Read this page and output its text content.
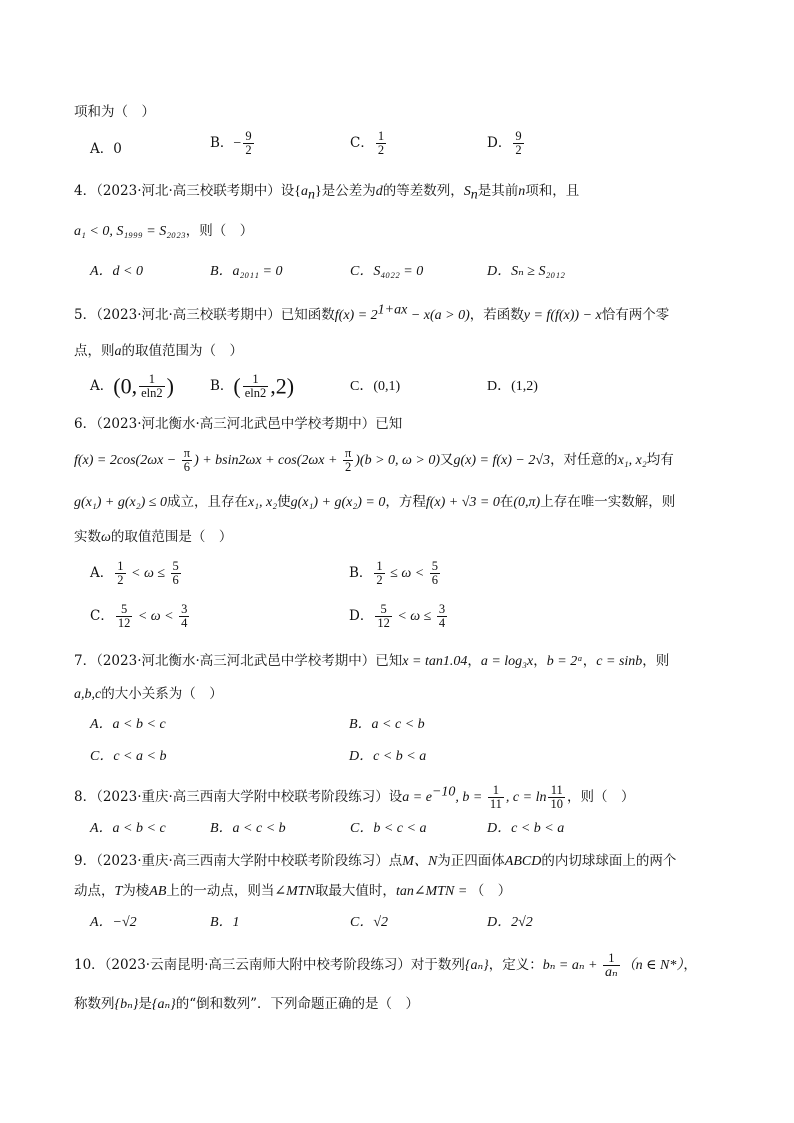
项和为（　）
A．0	B．− $\frac{9}{2}$	C． $\frac{1}{2}$	D． $\frac{9}{2}$
4．（2023·河北·高三校联考期中）设$\{a_n\}$是公差为d的等差数列，$S_n$是其前n项和，且
a₁ < 0, S₁₉₉₉ = S₂₀₂₃，则（　）
A．d < 0	B．a₂₀₁₁ = 0	C．S₄₀₂₂ = 0	D．Sₙ ≥ S₂₀₁₂
5．（2023·河北·高三校联考期中）已知函数$f(x) = 2^{1+ax} - x(a > 0)$，若函数y = f(f(x)) − x恰有两个零
点，则a的取值范围为（　）
A．(0, $\frac{1}{eln2}$ )	B．( $\frac{1}{eln2} ,2$)	C．(0,1)	D．(1,2)
6．（2023·河北衡水·高三河北武邑中学校考期中）已知
$f(x) = 2\cos(2\omega x - \frac{\pi}{6}$ ) + $bsin2\omega x + \cos(2\omega x + \frac{\pi}{2} )(b > 0$, ω > 0)又g(x) = f(x) − 2√3，对任意的x₁, x₂均有
g(x₁) + g(x₂) ≤ 0成立，且存在x₁, x₂使g(x₁) + g(x₂) = 0，方程f(x) + √3 = 0在(0,π)上存在唯一实数解，则
实数ω的取值范围是（　）
A． $\frac{1}{2} < \omega \le \frac{5}{6}$	B． $\frac{1}{2} \le \omega < \frac{5}{6}$
C． $\frac{5}{12} < \omega < \frac{3}{4}$	D． $\frac{5}{12} < \omega \le \frac{3}{4}$
7．（2023·河北衡水·高三河北武邑中学校考期中）已知x = tan1.04，a = log₃x，b = 2ᵃ，c = sinb，则
a,b,c的大小关系为（　）
A．a < b < c	B．a < c < b
C．c < a < b	D．c < b < a
8．（2023·重庆·高三西南大学附中校联考阶段练习）设$a = e^{-10}$, $b = \frac{1}{11}$ , $c = \ln \frac{11}{10}$ ，则（　）
A．a < b < c	B．a < c < b	C．b < c < a	D．c < b < a
9．（2023·重庆·高三西南大学附中校联考阶段练习）点M、N为正四面体ABCD的内切球球面上的两个
动点，T为棱AB上的一动点，则当∠MTN取最大值时，tan∠MTN = （　）
A．−√2	B．1	C．√2	D．2√2
10．（2023·云南昆明·高三云南师大附中校考阶段练习）对于数列{aₙ}，定义：$b_n = a_n + \frac{1}{\text{aₙ}} (n$ ∈ N*），
称数列{bₙ}是{aₙ}的“倒和数列”．下列命题正确的是（　）
